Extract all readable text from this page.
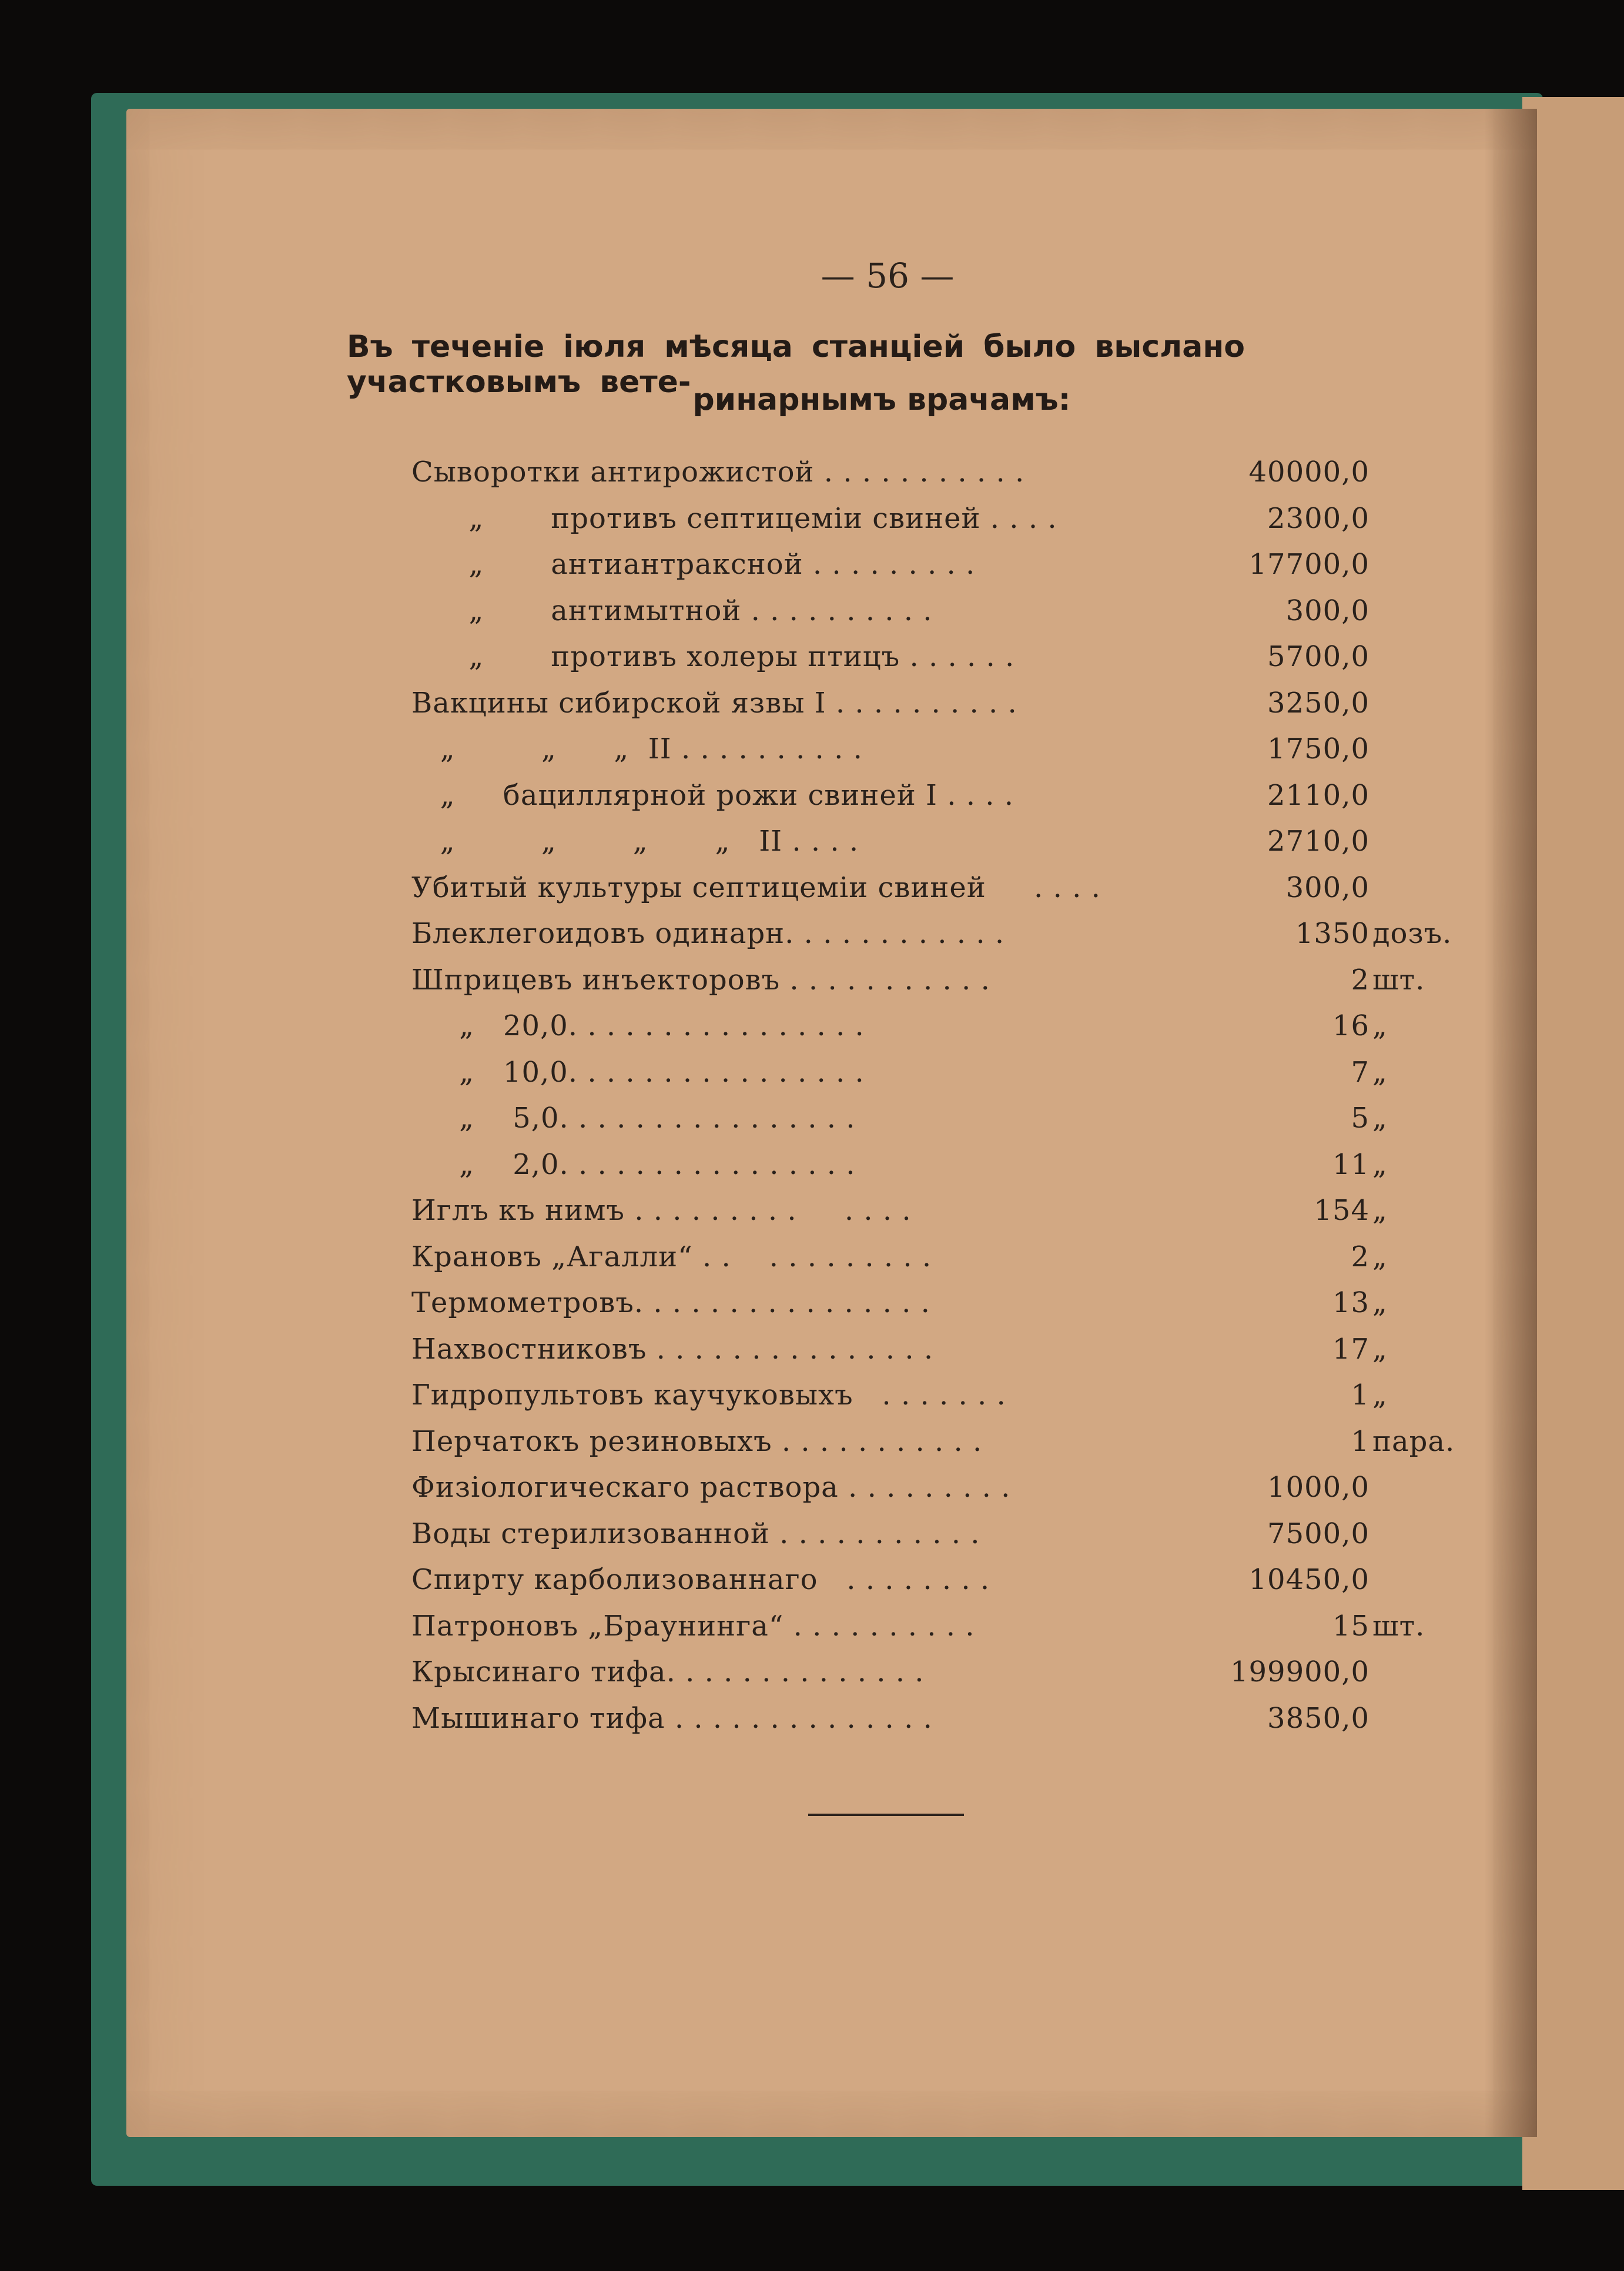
— 56 —
Въ теченіе іюля мѣсяца станціей было выслано участковымъ вете- ринарнымъ врачамъ:
Сыворотки антирожистой . . . . . . . . . . .	40000,0
„       противъ септицеміи свиней . . . .	2300,0
„       антиантраксной . . . . . . . . .	17700,0
„       антимытной . . . . . . . . . .	300,0
„       противъ холеры птицъ . . . . . .	5700,0
Вакцины сибирской язвы I . . . . . . . . . .	3250,0
„         „      „  II . . . . . . . . . .	1750,0
„     бациллярной рожи свиней I . . . .	2110,0
„         „        „       „   II . . . .	2710,0
Убитый культуры септицеміи свиней     . . . .	300,0
Блеклегоидовъ одинарн. . . . . . . . . . . .	1350 дозъ.
Шприцевъ инъекторовъ . . . . . . . . . . .	2 шт.
„   20,0. . . . . . . . . . . . . . . .	16 „
„   10,0. . . . . . . . . . . . . . . .	7 „
„    5,0. . . . . . . . . . . . . . . .	5 „
„    2,0. . . . . . . . . . . . . . . .	11 „
Иглъ къ нимъ . . . . . . . . .     . . . .	154 „
Крановъ „Агалли“ . .    . . . . . . . . .	2 „
Термометровъ. . . . . . . . . . . . . . . .	13 „
Нахвостниковъ . . . . . . . . . . . . . . .	17 „
Гидропультовъ каучуковыхъ   . . . . . . .	1 „
Перчатокъ резиновыхъ . . . . . . . . . . .	1 пара.
Физіологическаго раствора . . . . . . . . .	1000,0
Воды стерилизованной . . . . . . . . . . .	7500,0
Спирту карболизованнаго   . . . . . . . .	10450,0
Патроновъ „Браунинга“ . . . . . . . . . .	15 шт.
Крысинаго тифа. . . . . . . . . . . . . .	199900,0
Мышинаго тифа . . . . . . . . . . . . . .	3850,0
